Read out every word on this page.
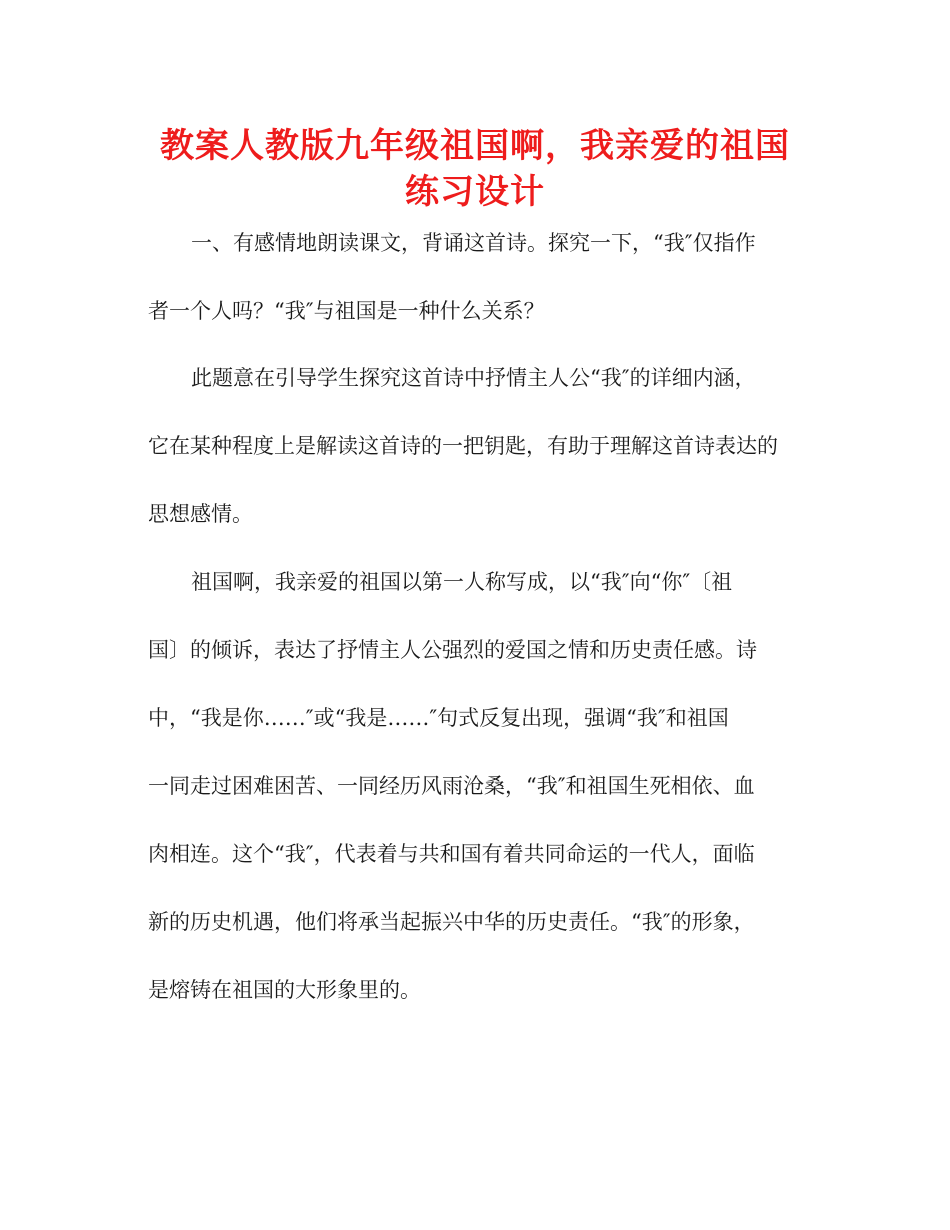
教案人教版九年级祖国啊，我亲爱的祖国
练习设计

一、有感情地朗读课文，背诵这首诗。探究一下，“我″仅指作

者一个人吗？“我″与祖国是一种什么关系？

此题意在引导学生探究这首诗中抒情主人公“我″的详细内涵，

它在某种程度上是解读这首诗的一把钥匙，有助于理解这首诗表达的

思想感情。

祖国啊，我亲爱的祖国以第一人称写成，以“我″向“你″〔祖

国〕的倾诉，表达了抒情主人公强烈的爱国之情和历史责任感。诗

中，“我是你……″或“我是……″句式反复出现，强调“我″和祖国

一同走过困难困苦、一同经历风雨沧桑，“我″和祖国生死相依、血

肉相连。这个“我″，代表着与共和国有着共同命运的一代人，面临

新的历史机遇，他们将承当起振兴中华的历史责任。“我″的形象，

是熔铸在祖国的大形象里的。
